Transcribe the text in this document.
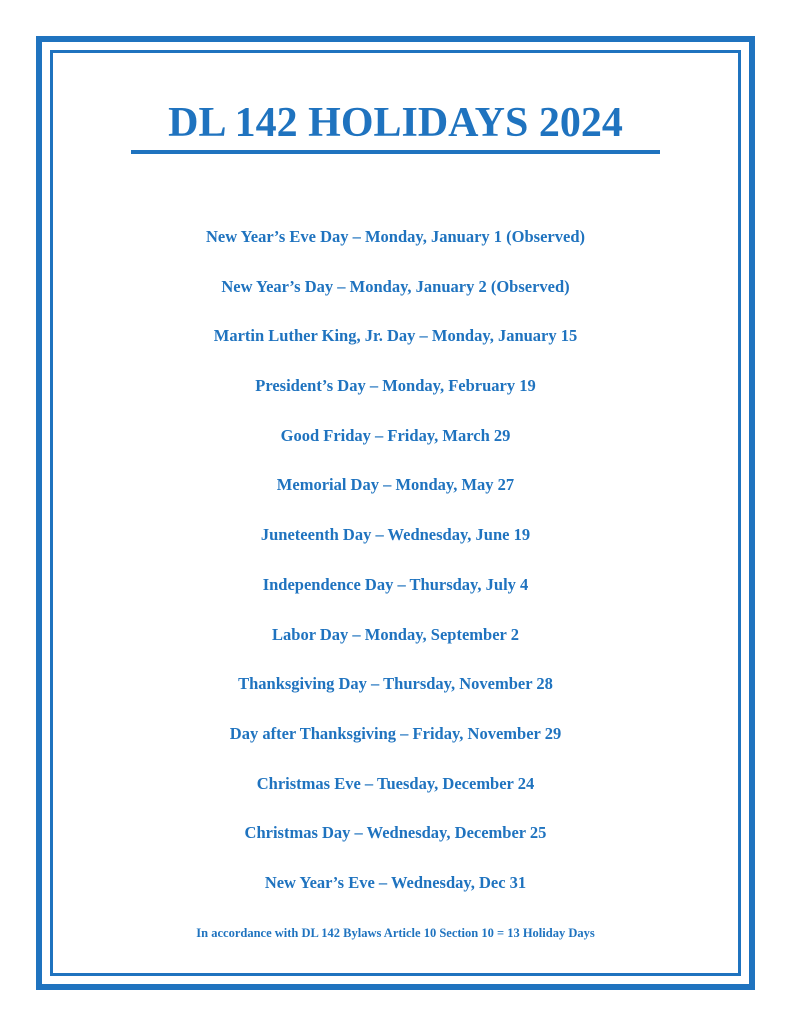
DL 142 HOLIDAYS 2024
New Year’s Eve Day – Monday, January 1 (Observed)
New Year’s Day – Monday, January 2 (Observed)
Martin Luther King, Jr. Day – Monday, January 15
President’s Day – Monday, February 19
Good Friday – Friday, March 29
Memorial Day – Monday, May 27
Juneteenth Day – Wednesday, June 19
Independence Day – Thursday, July 4
Labor Day – Monday, September 2
Thanksgiving Day – Thursday, November 28
Day after Thanksgiving – Friday, November 29
Christmas Eve – Tuesday, December 24
Christmas Day – Wednesday, December 25
New Year’s Eve – Wednesday, Dec 31
In accordance with DL 142 Bylaws Article 10 Section 10 = 13 Holiday Days
